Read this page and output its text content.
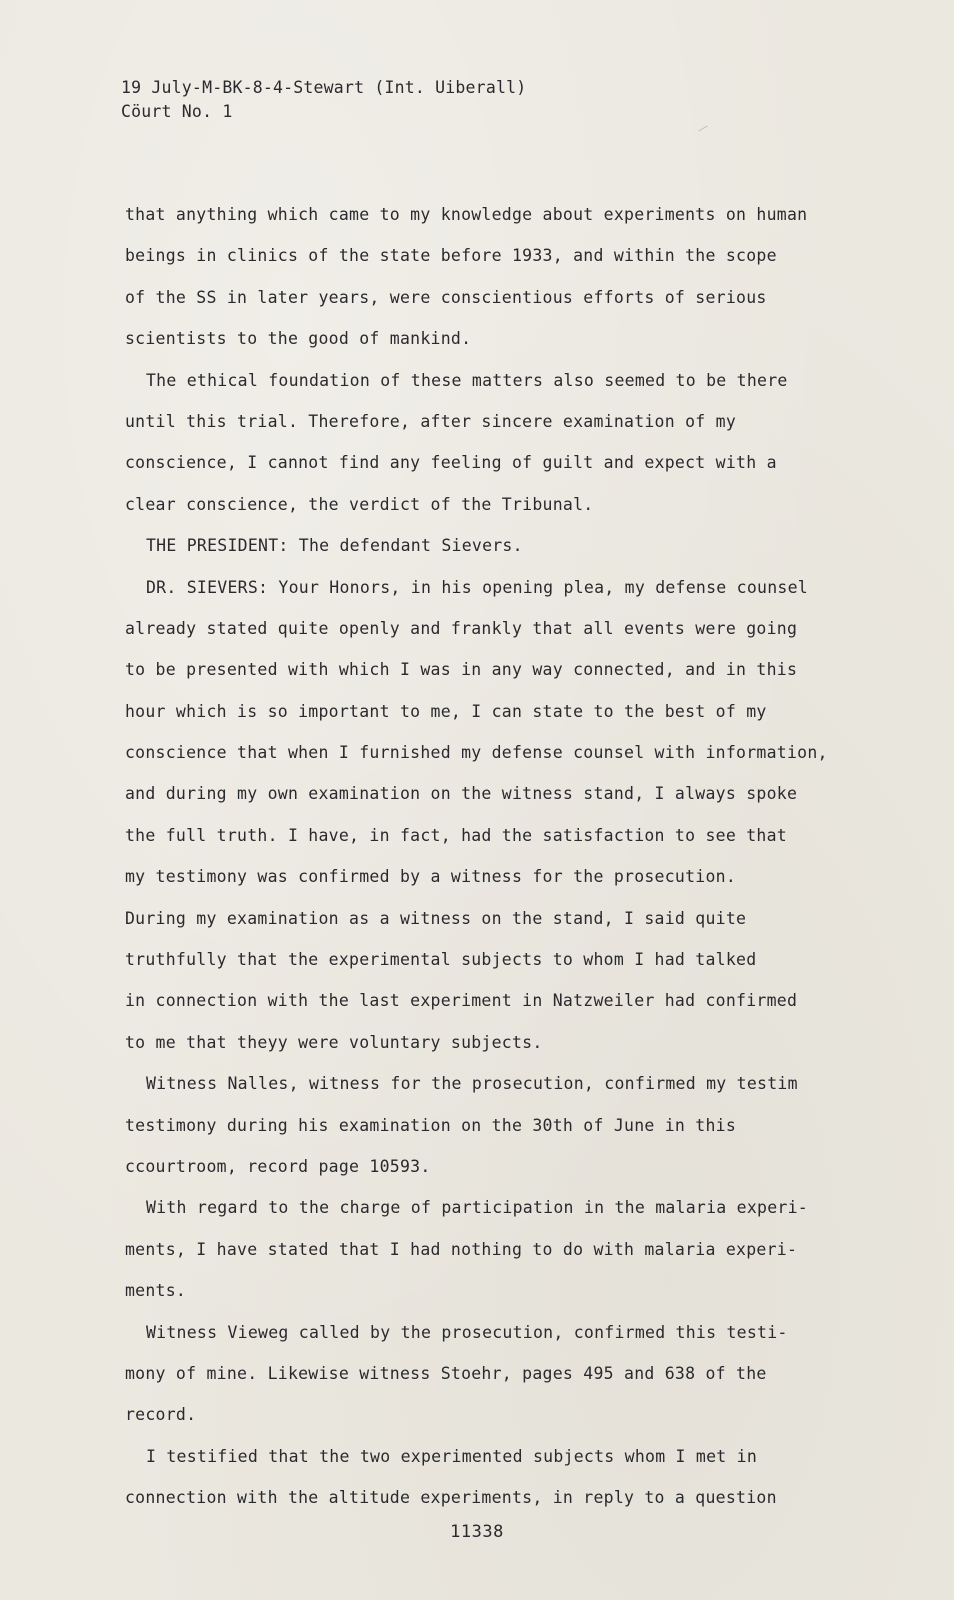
19 July-M-BK-8-4-Stewart (Int. Uiberall)
Cöurt No. 1
that anything which came to my knowledge about experiments on human
beings in clinics of the state before 1933, and within the scope
of the SS in later years, were conscientious efforts of serious
scientists to the good of mankind.
The ethical foundation of these matters also seemed to be there
until this trial. Therefore, after sincere examination of my
conscience, I cannot find any feeling of guilt and expect with a
clear conscience, the verdict of the Tribunal.
THE PRESIDENT: The defendant Sievers.
DR. SIEVERS: Your Honors, in his opening plea, my defense counsel
already stated quite openly and frankly that all events were going
to be presented with which I was in any way connected, and in this
hour which is so important to me, I can state to the best of my
conscience that when I furnished my defense counsel with information,
and during my own examination on the witness stand, I always spoke
the full truth. I have, in fact, had the satisfaction to see that
my testimony was confirmed by a witness for the prosecution.
During my examination as a witness on the stand, I said quite
truthfully that the experimental subjects to whom I had talked
in connection with the last experiment in Natzweiler had confirmed
to me that theyy were voluntary subjects.
Witness Nalles, witness for the prosecution, confirmed my testim
testimony during his examination on the 30th of June in this
ccourtroom, record page 10593.
With regard to the charge of participation in the malaria experi-
ments, I have stated that I had nothing to do with malaria experi-
ments.
Witness Vieweg called by the prosecution, confirmed this testi-
mony of mine. Likewise witness Stoehr, pages 495 and 638 of the
record.
I testified that the two experimented subjects whom I met in
connection with the altitude experiments, in reply to a question
11338
